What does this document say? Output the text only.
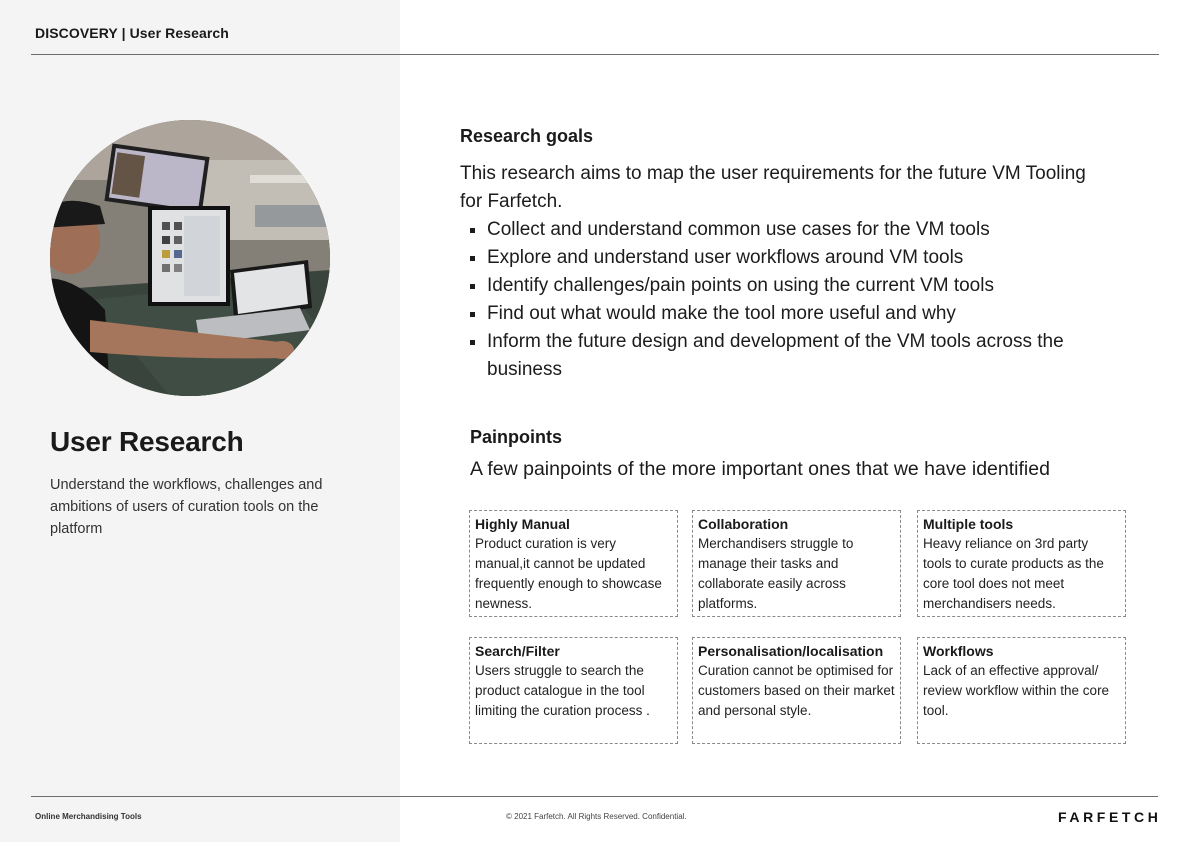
DISCOVERY | User Research
User Research
Understand the workflows, challenges and ambitions of users of curation tools on the platform
Research goals
This research aims to map the user requirements for the future VM Tooling for Farfetch.
Collect and understand common use cases for the VM tools
Explore and understand user workflows around VM tools
Identify challenges/pain points on using the current VM tools
Find out what would make the tool more useful and why
Inform the future design and development of the VM tools across the business
Painpoints
A few painpoints of the more important ones that we have identified
Highly Manual
Product curation is very manual,it cannot be updated frequently enough to showcase newness.
Collaboration
Merchandisers struggle to manage their tasks and collaborate easily across platforms.
Multiple tools
Heavy reliance on 3rd party tools to curate products as the core tool does not meet merchandisers needs.
Search/Filter
Users struggle to search the product catalogue in the tool limiting the curation process .
Personalisation/localisation
Curation cannot be optimised for customers based on their market and personal style.
Workflows
Lack of an effective approval/ review workflow within the core tool.
Online Merchandising Tools	© 2021 Farfetch. All Rights Reserved. Confidential.	FARFETCH
